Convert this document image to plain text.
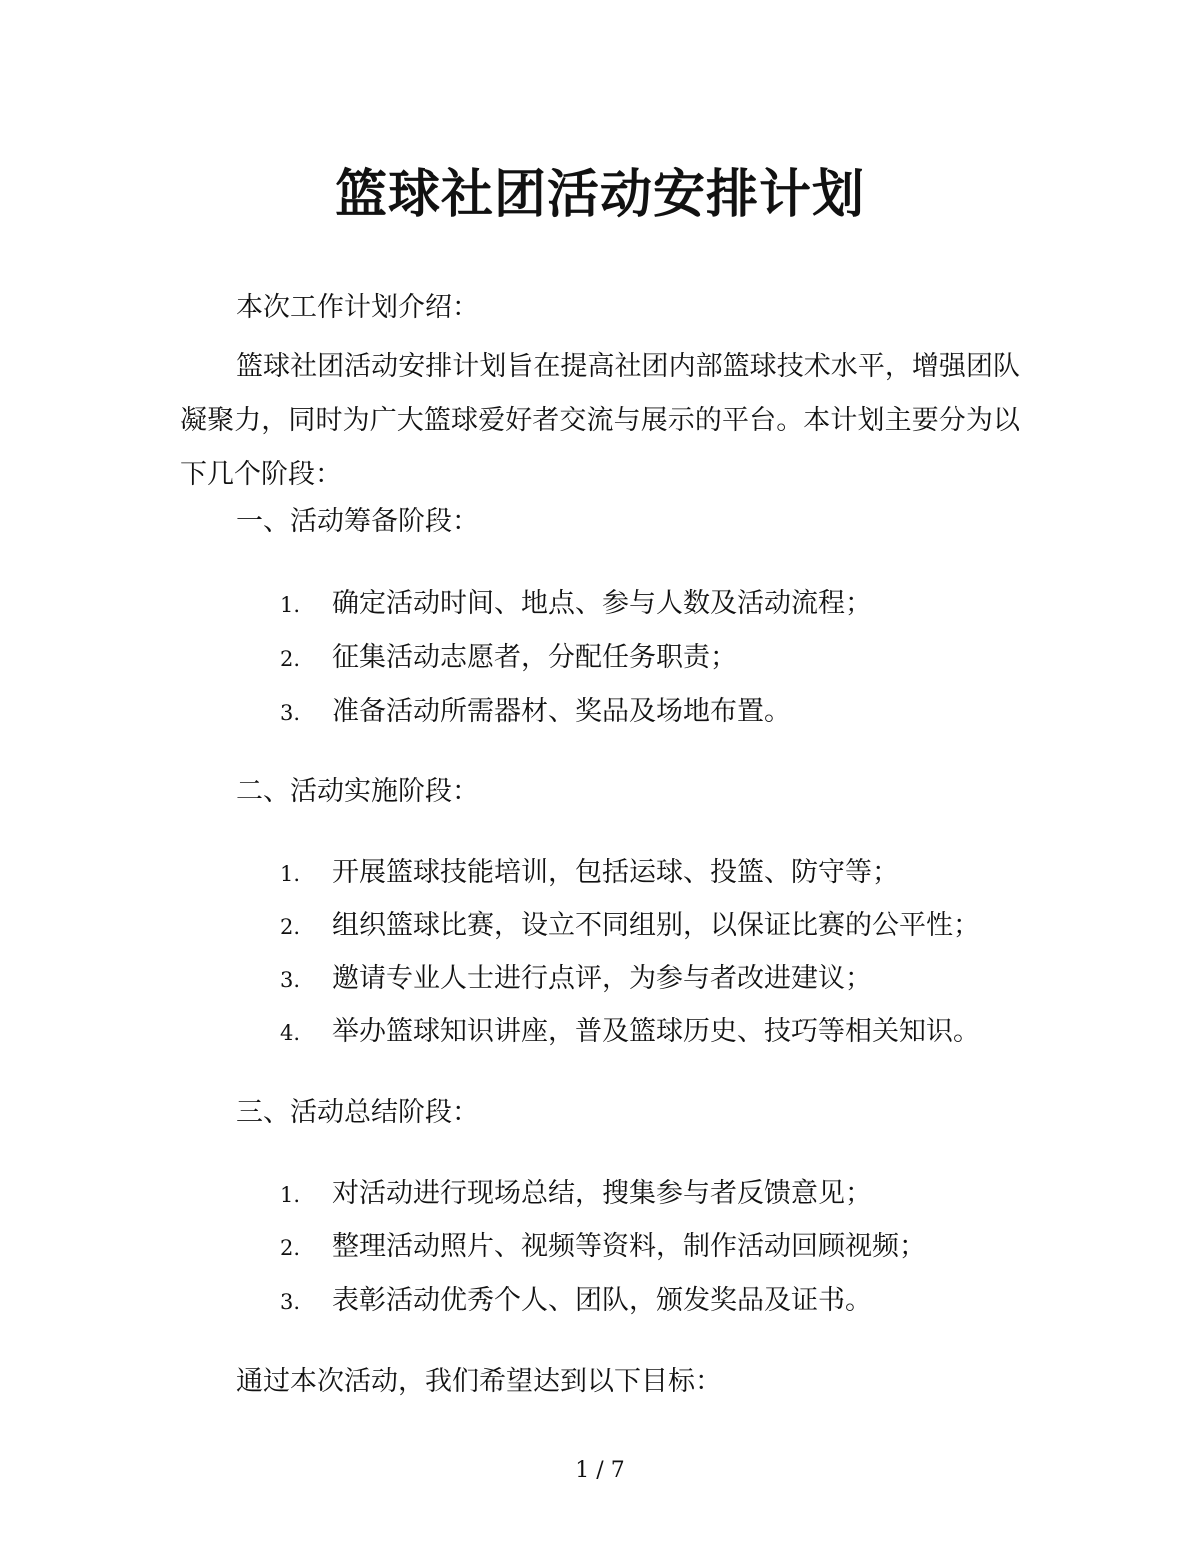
篮球社团活动安排计划
本次工作计划介绍：
篮球社团活动安排计划旨在提高社团内部篮球技术水平，增强团队凝聚力，同时为广大篮球爱好者交流与展示的平台。本计划主要分为以下几个阶段：
一、活动筹备阶段：
1. 确定活动时间、地点、参与人数及活动流程；
2. 征集活动志愿者，分配任务职责；
3. 准备活动所需器材、奖品及场地布置。
二、活动实施阶段：
1. 开展篮球技能培训，包括运球、投篮、防守等；
2. 组织篮球比赛，设立不同组别，以保证比赛的公平性；
3. 邀请专业人士进行点评，为参与者改进建议；
4. 举办篮球知识讲座，普及篮球历史、技巧等相关知识。
三、活动总结阶段：
1. 对活动进行现场总结，搜集参与者反馈意见；
2. 整理活动照片、视频等资料，制作活动回顾视频；
3. 表彰活动优秀个人、团队，颁发奖品及证书。
通过本次活动，我们希望达到以下目标：
1 / 7
